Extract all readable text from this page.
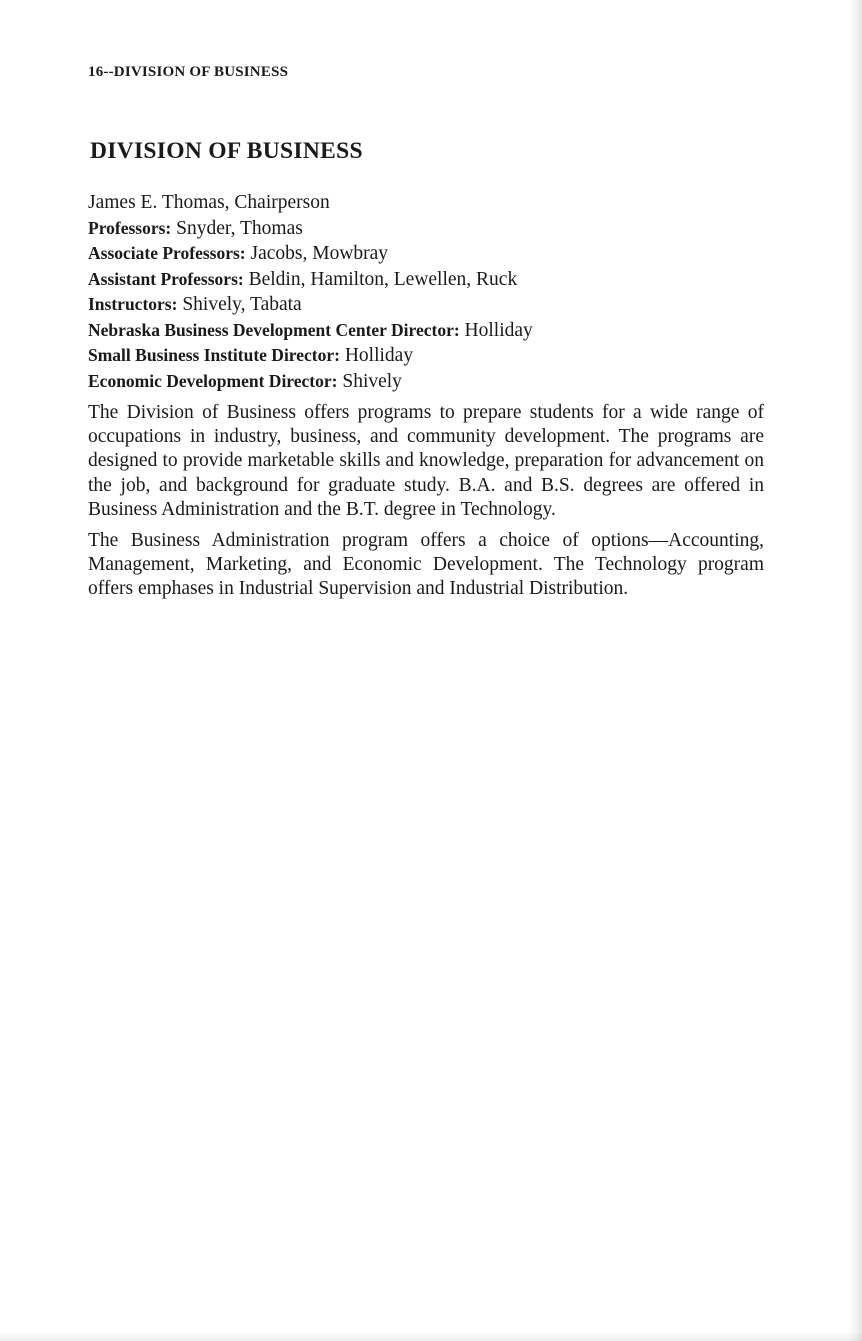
16--DIVISION OF BUSINESS
DIVISION OF BUSINESS

James E. Thomas, Chairperson

Professors: Snyder, Thomas

Associate Professors: Jacobs, Mowbray

Assistant Professors: Beldin, Hamilton, Lewellen, Ruck

Instructors: Shively, Tabata

Nebraska Business Development Center Director: Holliday

Small Business Institute Director: Holliday

Economic Development Director: Shively

The Division of Business offers programs to prepare students for a wide range of occupations in industry, business, and community development. The programs are designed to provide marketable skills and knowledge, preparation for advancement on the job, and background for graduate study. B.A. and B.S. degrees are offered in Business Administration and the B.T. degree in Technology.

The Business Administration program offers a choice of options—Accounting, Management, Marketing, and Economic Development. The Technology program offers emphases in Industrial Supervision and Industrial Distribution.
